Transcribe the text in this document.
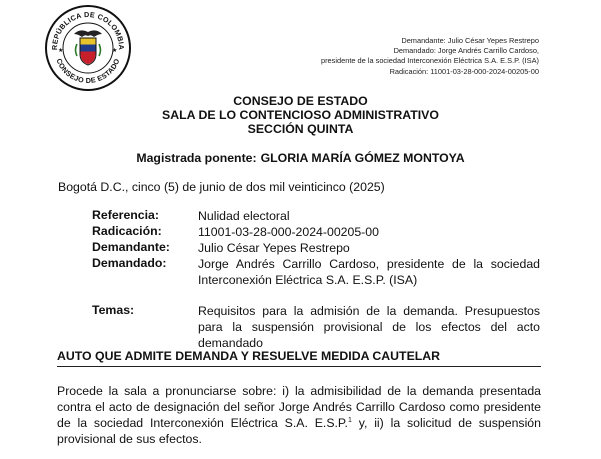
REPÚBLICA DE COLOMBIA
CONSEJO DE ESTADO
★	★
Demandante: Julio César Yepes Restrepo
Demandado: Jorge Andrés Carrillo Cardoso,
presidente de la sociedad Interconexión Eléctrica S.A. E.S.P. (ISA)
Radicación: 11001-03-28-000-2024-00205-00
CONSEJO DE ESTADO
SALA DE LO CONTENCIOSO ADMINISTRATIVO
SECCIÓN QUINTA
Magistrada ponente: GLORIA MARÍA GÓMEZ MONTOYA
Bogotá D.C., cinco (5) de junio de dos mil veinticinco (2025)
Referencia:	Nulidad electoral
Radicación:	11001-03-28-000-2024-00205-00
Demandante: Julio César Yepes Restrepo
Demandado:	Jorge Andrés Carrillo Cardoso, presidente de la sociedad Interconexión Eléctrica S.A. E.S.P. (ISA)
Temas:	Requisitos para la admisión de la demanda. Presupuestos para la suspensión provisional de los efectos del acto demandado
AUTO QUE ADMITE DEMANDA Y RESUELVE MEDIDA CAUTELAR
Procede la sala a pronunciarse sobre: i) la admisibilidad de la demanda presentada contra el acto de designación del señor Jorge Andrés Carrillo Cardoso como presidente de la sociedad Interconexión Eléctrica S.A. E.S.P.$^1$ y, ii) la solicitud de suspensión provisional de sus efectos.
